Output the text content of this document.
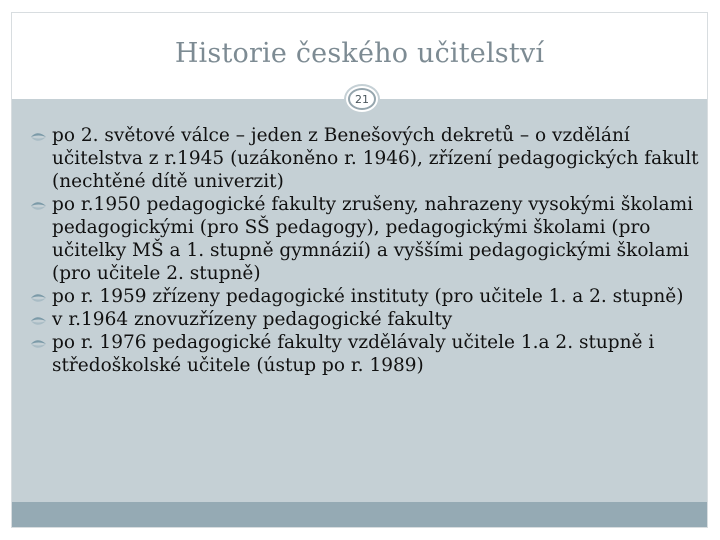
Historie českého učitelství
21
po 2. světové válce – jeden z Benešových dekretů – o vzdělání učitelstva z r.1945 (uzákoněno r. 1946), zřízení pedagogických fakult (nechtěné dítě univerzit)
po r.1950 pedagogické fakulty zrušeny, nahrazeny vysokými školami pedagogickými (pro SŠ pedagogy), pedagogickými školami (pro učitelky MŠ a 1. stupně gymnázií) a vyššími pedagogickými školami (pro učitele 2. stupně)
po r. 1959 zřízeny pedagogické instituty (pro učitele 1. a 2. stupně)
v r.1964 znovuzřízeny pedagogické fakulty
po r. 1976 pedagogické fakulty vzdělávaly učitele 1.a 2. stupně i středoškolské učitele (ústup po r. 1989)
